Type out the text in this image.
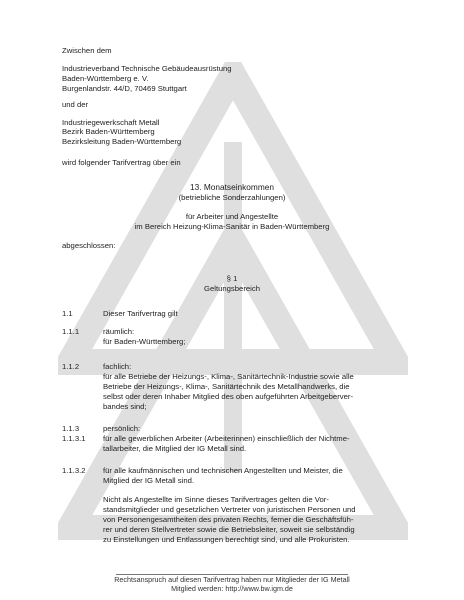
Zwischen dem
Industrieverband Technische Gebäudeausrüstung
Baden-Württemberg e. V.
Burgenlandstr. 44/D, 70469 Stuttgart
und der
Industriegewerkschaft Metall
Bezirk Baden-Württemberg
Bezirksleitung Baden-Württemberg
wird folgender Tarifvertrag über ein
13. Monatseinkommen
(betriebliche Sonderzahlungen)
für Arbeiter und Angestellte
im Bereich Heizung-Klima-Sanitär in Baden-Württemberg
abgeschlossen:
§ 1
Geltungsbereich
1.1	Dieser Tarifvertrag gilt
1.1.1	räumlich:
für Baden-Württemberg;
1.1.2	fachlich:
für alle Betriebe der Heizungs-, Klima-, Sanitärtechnik-Industrie sowie alle
Betriebe der Heizungs-, Klima-, Sanitärtechnik des Metallhandwerks, die
selbst oder deren Inhaber Mitglied des oben aufgeführten Arbeitgeberver-
bandes sind;
1.1.3	persönlich:
1.1.3.1 für alle gewerblichen Arbeiter (Arbeiterinnen) einschließlich der Nichtme-
tallarbeiter, die Mitglied der IG Metall sind.
1.1.3.2 für alle kaufmännischen und technischen Angestellten und Meister, die
Mitglied der IG Metall sind.
Nicht als Angestellte im Sinne dieses Tarifvertrages gelten die Vor-
standsmitglieder und gesetzlichen Vertreter von juristischen Personen und
von Personengesamtheiten des privaten Rechts, ferner die Geschäftsfüh-
rer und deren Stellvertreter sowie die Betriebsleiter, soweit sie selbständig
zu Einstellungen und Entlassungen berechtigt sind, und alle Prokuristen.
Rechtsanspruch auf diesen Tarifvertrag haben nur Mitglieder der IG Metall
Mitglied werden: http://www.bw.igm.de
